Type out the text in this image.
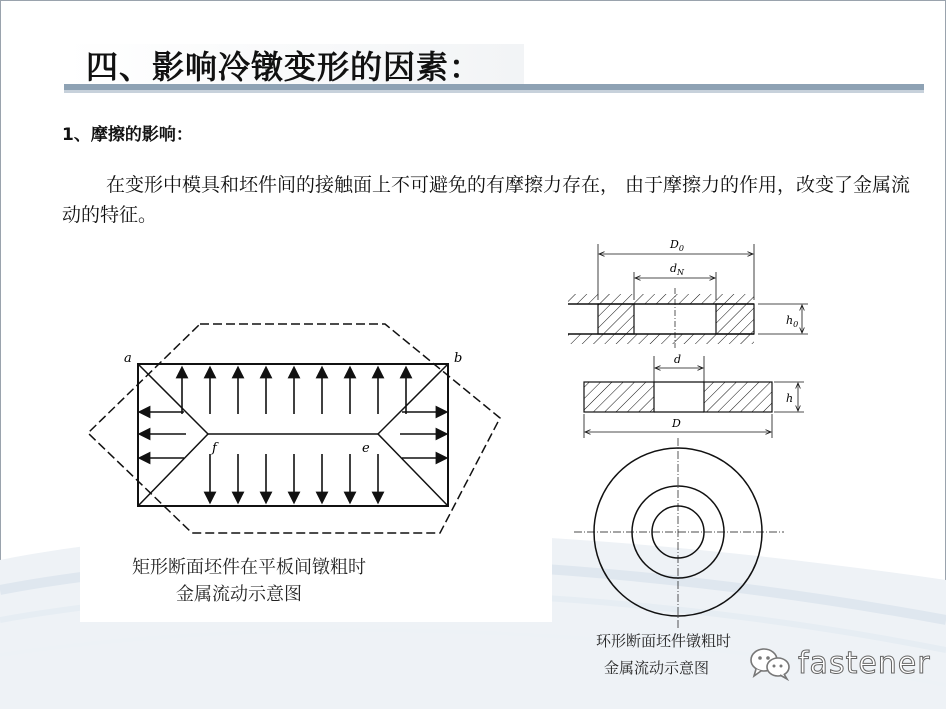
四、影响冷镦变形的因素：
1、摩擦的影响：
在变形中模具和坯件间的接触面上不可避免的有摩擦力存在， 由于摩擦力的作用，改变了金属流动的特征。
a	b
f	e
矩形断面坯件在平板间镦粗时
金属流动示意图
$D_0$
$d_N$
$h_0$
d
h
D
环形断面坯件镦粗时
金属流动示意图	fastener
